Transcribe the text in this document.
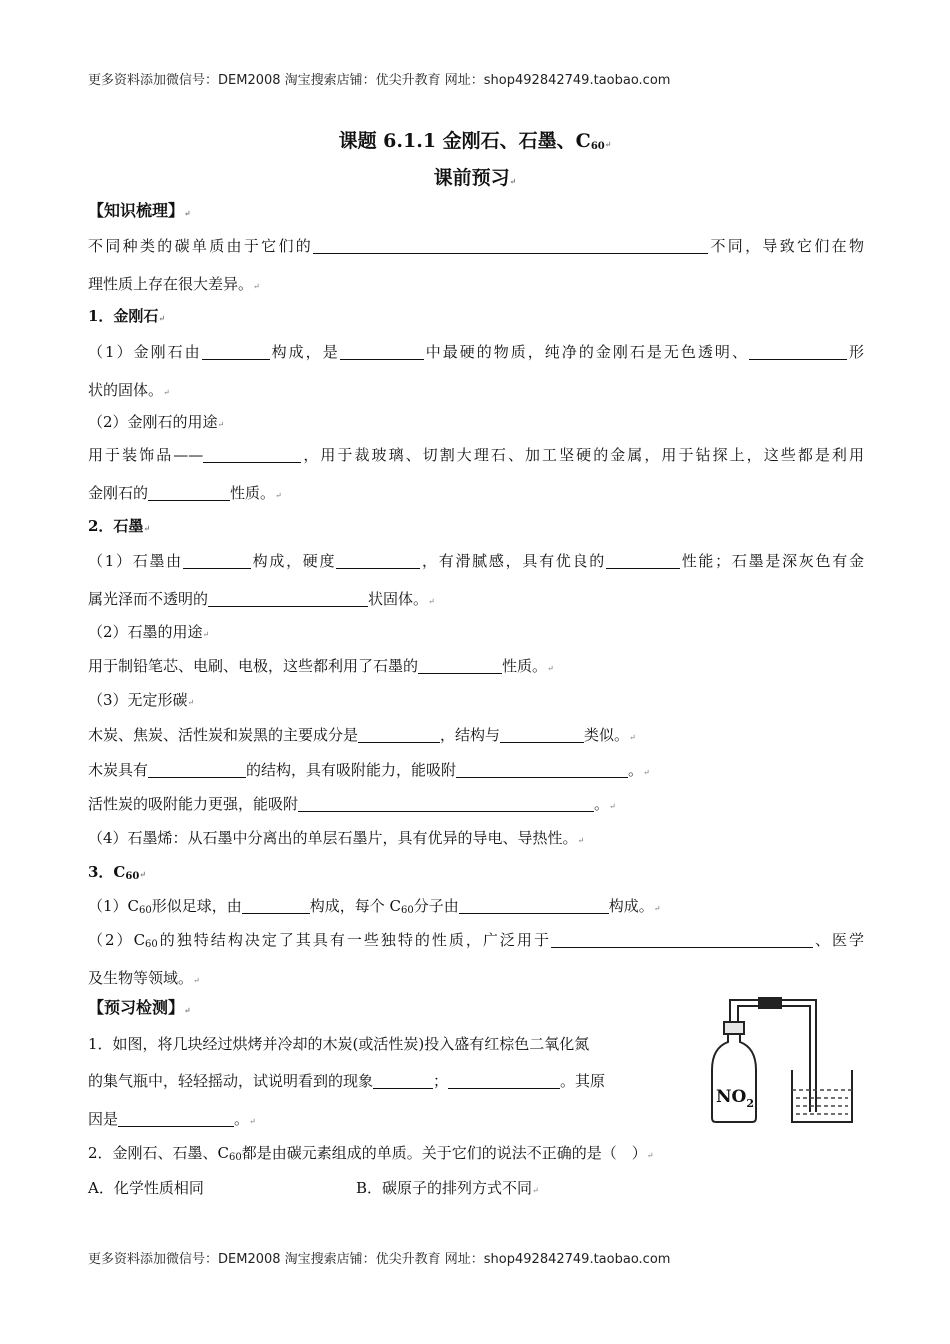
更多资料添加微信号：DEM2008 淘宝搜索店铺：优尖升教育 网址：shop492842749.taobao.com
课题 6.1.1 金刚石、石墨、$C_{60}↵$
课前预习↵
【知识梳理】↵
不同种类的碳单质由于它们的	不同，导致它们在物
理性质上存在很大差异。↵
1．金刚石↵
（1）金刚石由	构成，是	中最硬的物质，纯净的金刚石是无色透明、	形
状的固体。↵
（2）金刚石的用途↵
用于装饰品——	，用于裁玻璃、切割大理石、加工坚硬的金属，用于钻探上，这些都是利用
金刚石的	性质。↵
2．石墨↵
（1）石墨由	构成，硬度	，有滑腻感，具有优良的	性能；石墨是深灰色有金
属光泽而不透明的	状固体。↵
（2）石墨的用途↵
用于制铅笔芯、电刷、电极，这些都利用了石墨的	性质。↵
（3）无定形碳↵
木炭、焦炭、活性炭和炭黑的主要成分是	，结构与	类似。↵
木炭具有	的结构，具有吸附能力，能吸附	。↵
活性炭的吸附能力更强，能吸附	。↵
（4）石墨烯：从石墨中分离出的单层石墨片，具有优异的导电、导热性。↵
3．$C_{60}↵$
$(1)C_{60}$形似足球，由	构成，每个 $C_{60}$分子由	构成。↵
$(2)C_{60}$的独特结构决定了其具有一些独特的性质，广泛用于	、医学
及生物等领域。↵
【预习检测】↵
1．如图，将几块经过烘烤并冷却的木炭(或活性炭)投入盛有红棕色二氧化氮
的集气瓶中，轻轻摇动，试说明看到的现象	；	。其原
因是	。↵
$NO_2$
2．金刚石、石墨、$C_{60}$都是由碳元素组成的单质。关于它们的说法不正确的是（　）↵
A．化学性质相同	B．碳原子的排列方式不同↵
更多资料添加微信号：DEM2008 淘宝搜索店铺：优尖升教育 网址：shop492842749.taobao.com
